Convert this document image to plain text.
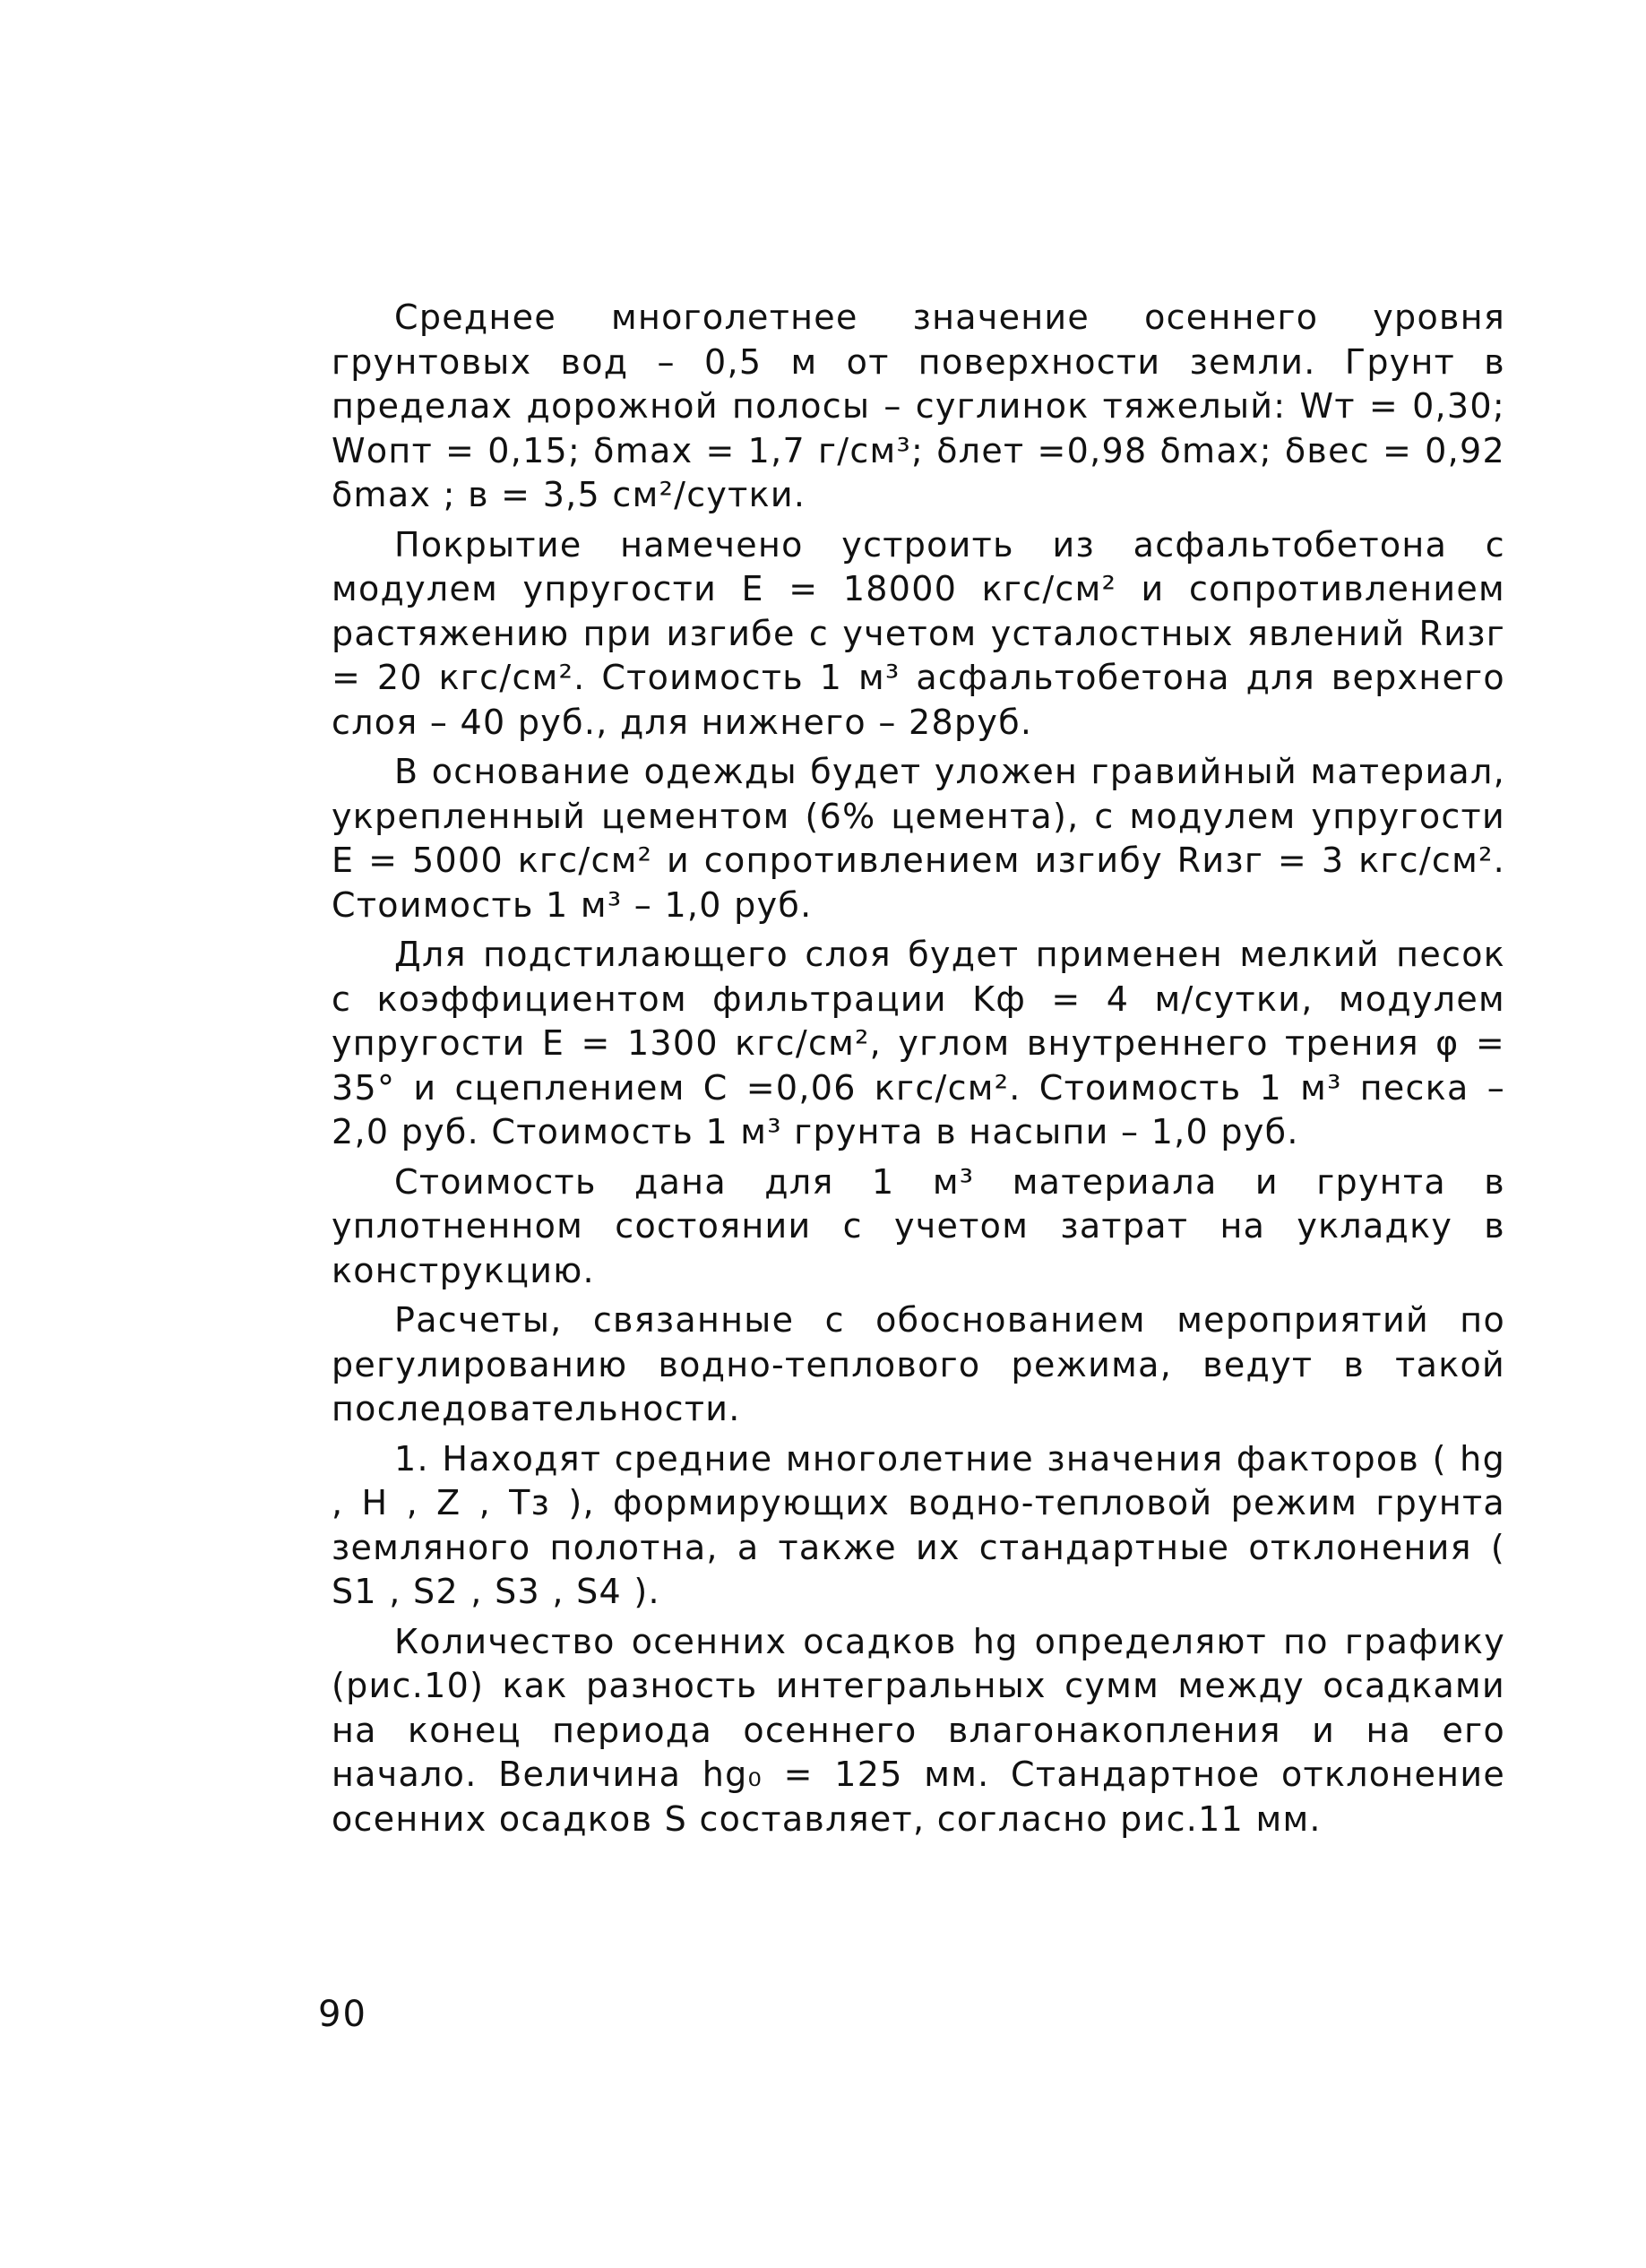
Среднее многолетнее значение осеннего уровня грунтовых вод – 0,5 м от поверхности земли. Грунт в пределах дорожной полосы – суглинок тяжелый: Wт = 0,30; Wопт = 0,15; δmax = 1,7 г/см³; δлет =0,98 δmax; δвес = 0,92 δmax ; в = 3,5 см²/сутки.

Покрытие намечено устроить из асфальтобетона с модулем упругости E = 18000 кгс/см² и сопротивлением растяжению при изгибе с учетом усталостных явлений Rизг = 20 кгс/см². Стоимость 1 м³ асфальтобетона для верхнего слоя – 40 руб., для нижнего – 28руб.

В основание одежды будет уложен гравийный материал, укрепленный цементом (6% цемента), с модулем упругости E = 5000 кгс/см² и сопротивлением изгибу Rизг = 3 кгс/см². Стоимость 1 м³ – 1,0 руб.

Для подстилающего слоя будет применен мелкий песок с коэффициентом фильтрации Kф = 4 м/сутки, модулем упругости E = 1300 кгс/см², углом внутреннего трения φ = 35° и сцеплением C =0,06 кгс/см². Стоимость 1 м³ песка – 2,0 руб. Стоимость 1 м³ грунта в насыпи – 1,0 руб.

Стоимость дана для 1 м³ материала и грунта в уплотненном состоянии с учетом затрат на укладку в конструкцию.

Расчеты, связанные с обоснованием мероприятий по регулированию водно-теплового режима, ведут в такой последовательности.

1. Находят средние многолетние значения факторов ( hg , H , Z , Tз ), формирующих водно-тепловой режим грунта земляного полотна, а также их стандартные отклонения ( S1 , S2 , S3 , S4 ).

Количество осенних осадков hg определяют по графику (рис.10) как разность интегральных сумм между осадками на конец периода осеннего влагонакопления и на его начало. Величина hg₀ = 125 мм. Стандартное отклонение осенних осадков S составляет, согласно рис.11 мм.

90
